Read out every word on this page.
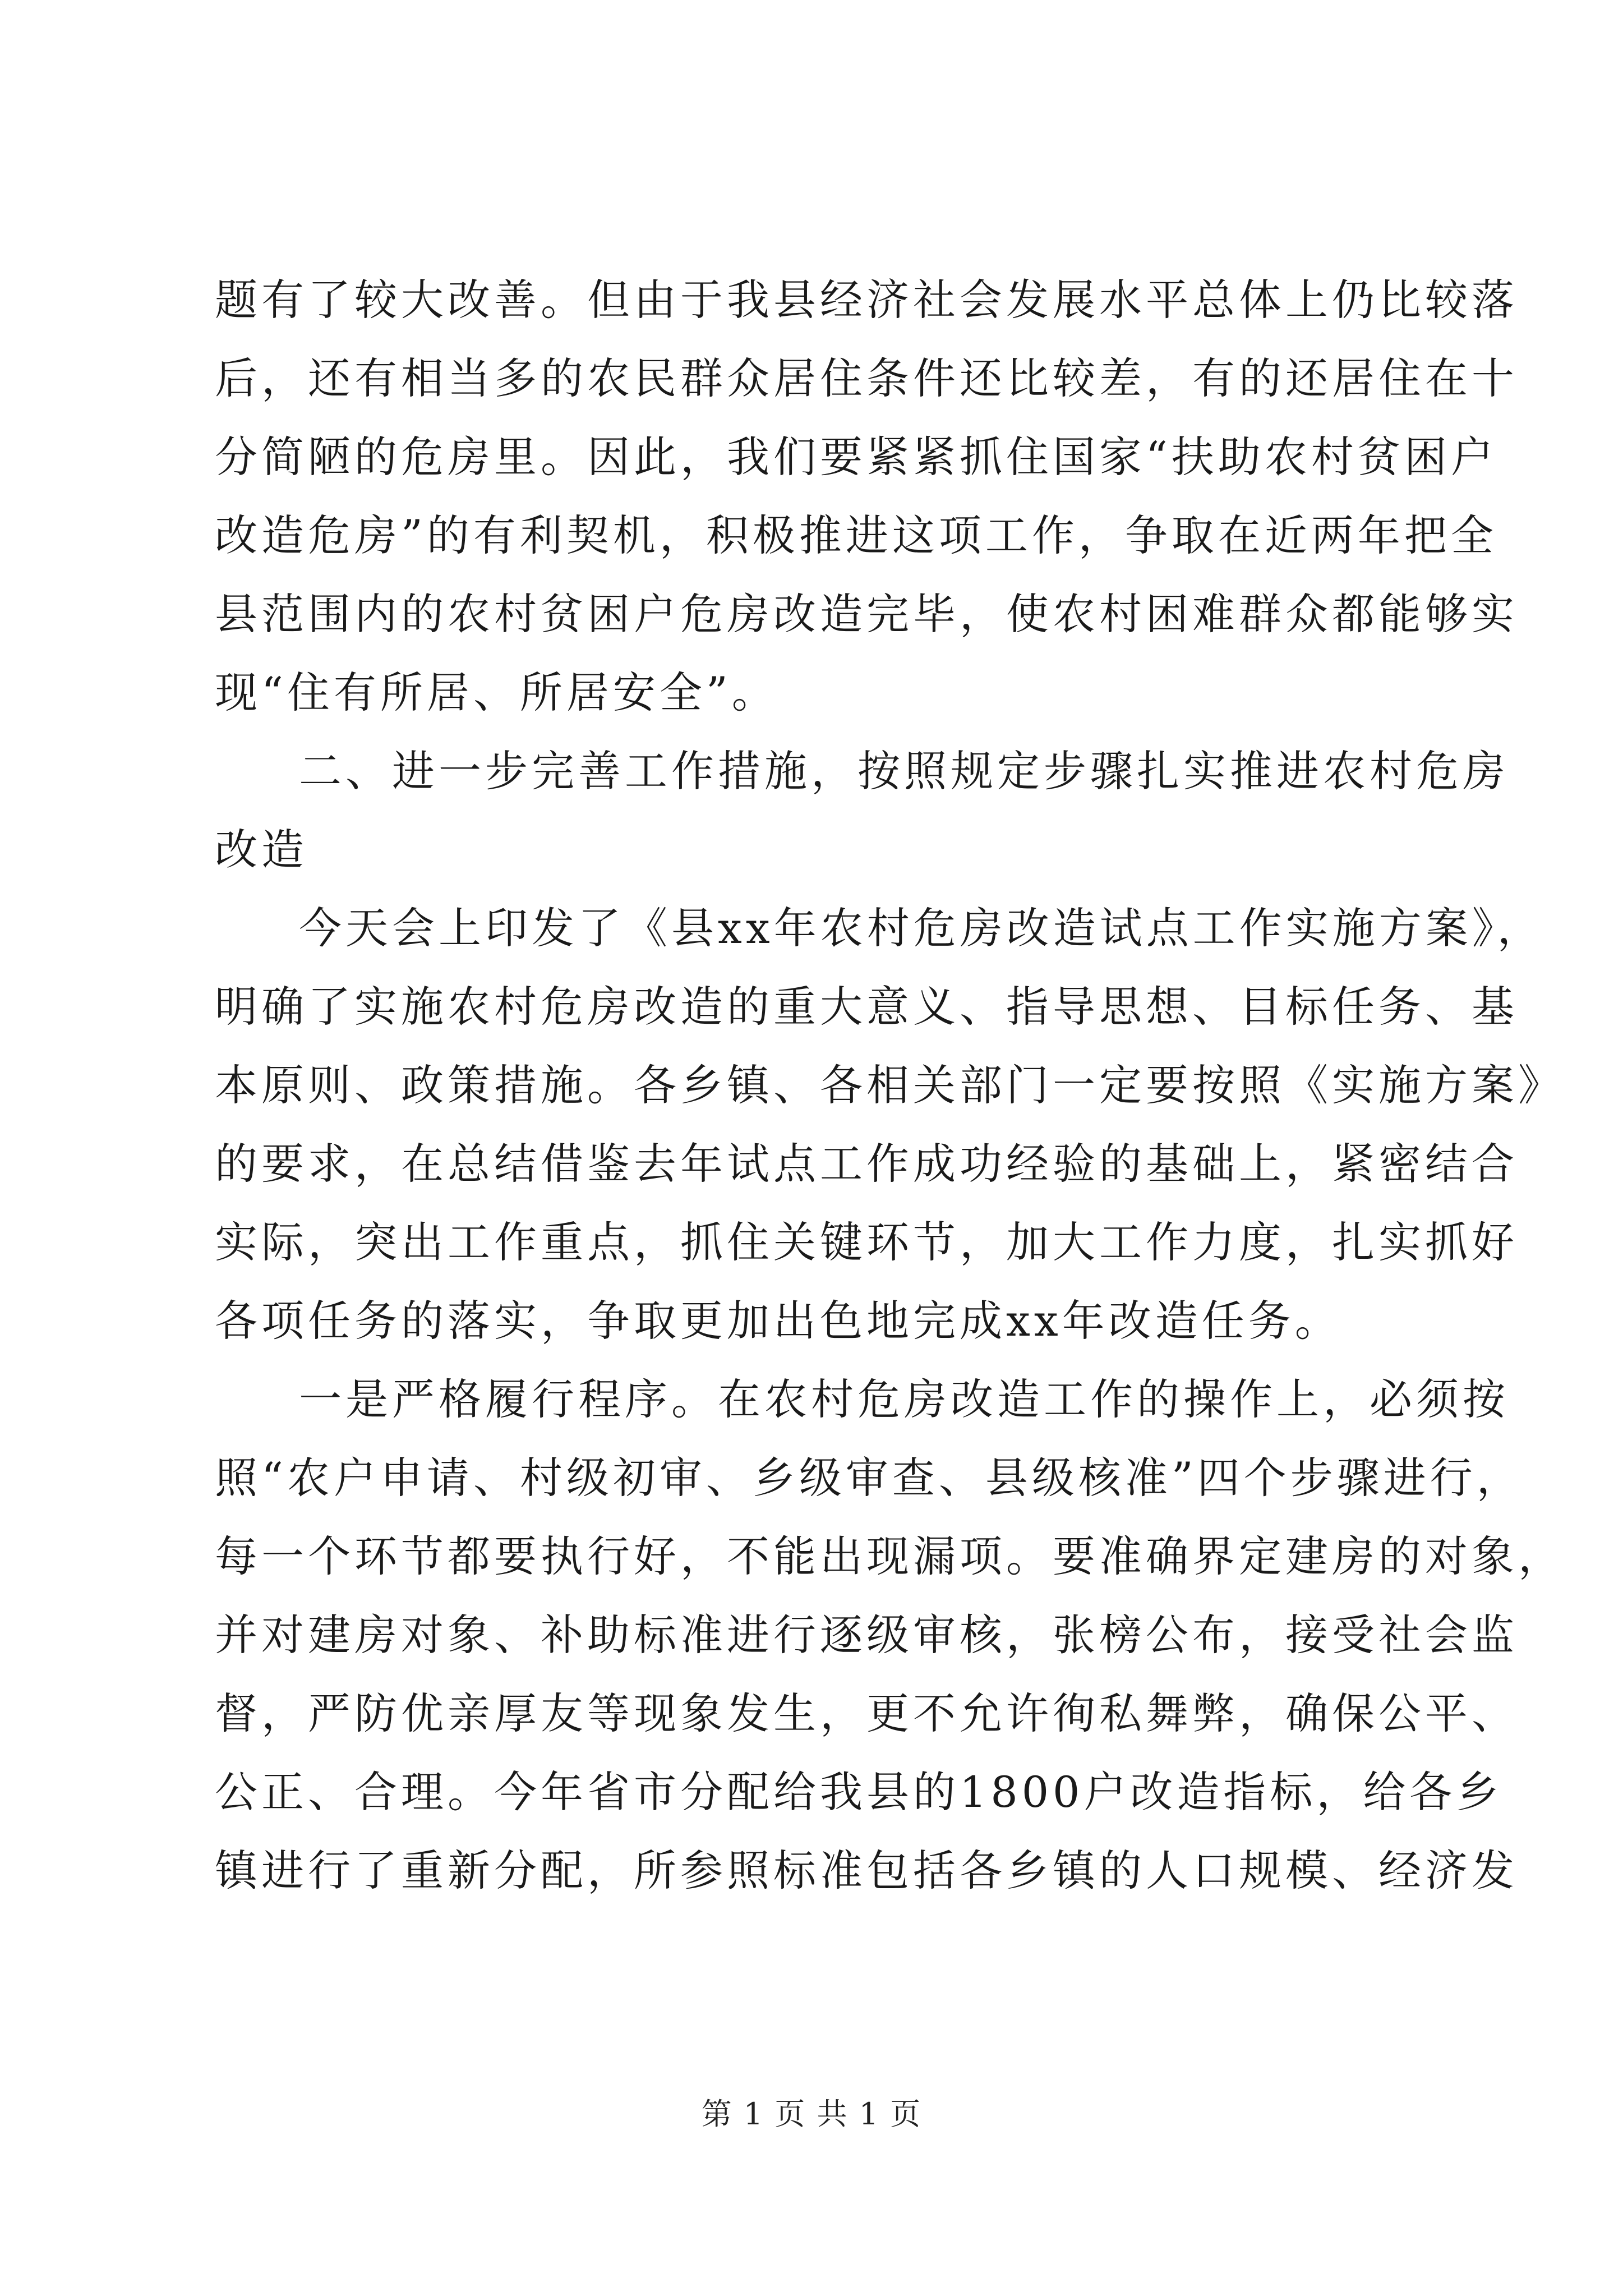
题有了较大改善。但由于我县经济社会发展水平总体上仍比较落
后，还有相当多的农民群众居住条件还比较差，有的还居住在十
分简陋的危房里。因此，我们要紧紧抓住国家“扶助农村贫困户
改造危房”的有利契机，积极推进这项工作，争取在近两年把全
县范围内的农村贫困户危房改造完毕，使农村困难群众都能够实
现“住有所居、所居安全”。
二、进一步完善工作措施，按照规定步骤扎实推进农村危房
改造
今天会上印发了《县xx年农村危房改造试点工作实施方案》，
明确了实施农村危房改造的重大意义、指导思想、目标任务、基
本原则、政策措施。各乡镇、各相关部门一定要按照《实施方案》
的要求，在总结借鉴去年试点工作成功经验的基础上，紧密结合
实际，突出工作重点，抓住关键环节，加大工作力度，扎实抓好
各项任务的落实，争取更加出色地完成xx年改造任务。
一是严格履行程序。在农村危房改造工作的操作上，必须按
照“农户申请、村级初审、乡级审查、县级核准”四个步骤进行，
每一个环节都要执行好，不能出现漏项。要准确界定建房的对象，
并对建房对象、补助标准进行逐级审核，张榜公布，接受社会监
督，严防优亲厚友等现象发生，更不允许徇私舞弊，确保公平、
公正、合理。今年省市分配给我县的1800户改造指标，给各乡
镇进行了重新分配，所参照标准包括各乡镇的人口规模、经济发
第 1 页 共 1 页
